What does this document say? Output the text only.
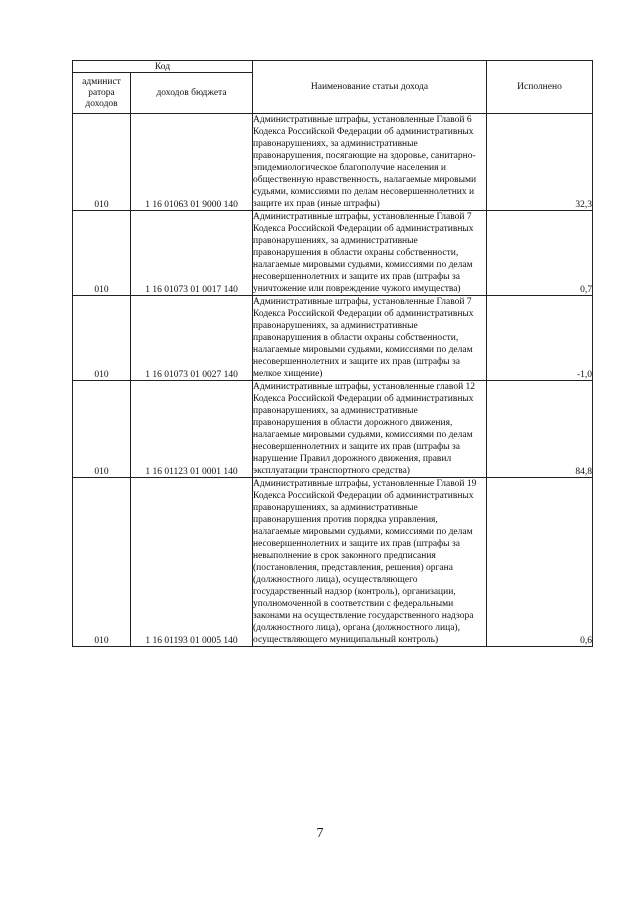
Код		Наименование статьи дохода	Исполнено
админист ратора доходов	доходов бюджета		
010	1 16 01063 01 9000 140	Административные штрафы, установленные Главой 6 Кодекса Российской Федерации об административных правонарушениях, за административные правонарушения, посягающие на здоровье, санитарно-эпидемиологическое благополучие населения и общественную нравственность, налагаемые мировыми судьями, комиссиями по делам несовершеннолетних и защите их прав (иные штрафы)	32,3
010	1 16 01073 01 0017 140	Административные штрафы, установленные Главой 7 Кодекса Российской Федерации об административных правонарушениях, за административные правонарушения в области охраны собственности, налагаемые мировыми судьями, комиссиями по делам несовершеннолетних и защите их прав (штрафы за уничтожение или повреждение чужого имущества)	0,7
010	1 16 01073 01 0027 140	Административные штрафы, установленные Главой 7 Кодекса Российской Федерации об административных правонарушениях, за административные правонарушения в области охраны собственности, налагаемые мировыми судьями, комиссиями по делам несовершеннолетних и защите их прав (штрафы за мелкое хищение)	-1,0
010	1 16 01123 01 0001 140	Административные штрафы, установленные главой 12 Кодекса Российской Федерации об административных правонарушениях, за административные правонарушения в области дорожного движения, налагаемые мировыми судьями, комиссиями по делам несовершеннолетних и защите их прав (штрафы за нарушение Правил дорожного движения, правил эксплуатации транспортного средства)	84,8
010	1 16 01193 01 0005 140	Административные штрафы, установленные Главой 19 Кодекса Российской Федерации об административных правонарушениях, за административные правонарушения против порядка управления, налагаемые мировыми судьями, комиссиями по делам несовершеннолетних и защите их прав (штрафы за невыполнение в срок законного предписания (постановления, представления, решения) органа (должностного лица), осуществляющего государственный надзор (контроль), организации, уполномоченной в соответствии с федеральными законами на осуществление государственного надзора (должностного лица), органа (должностного лица), осуществляющего муниципальный контроль)	0,6
7
